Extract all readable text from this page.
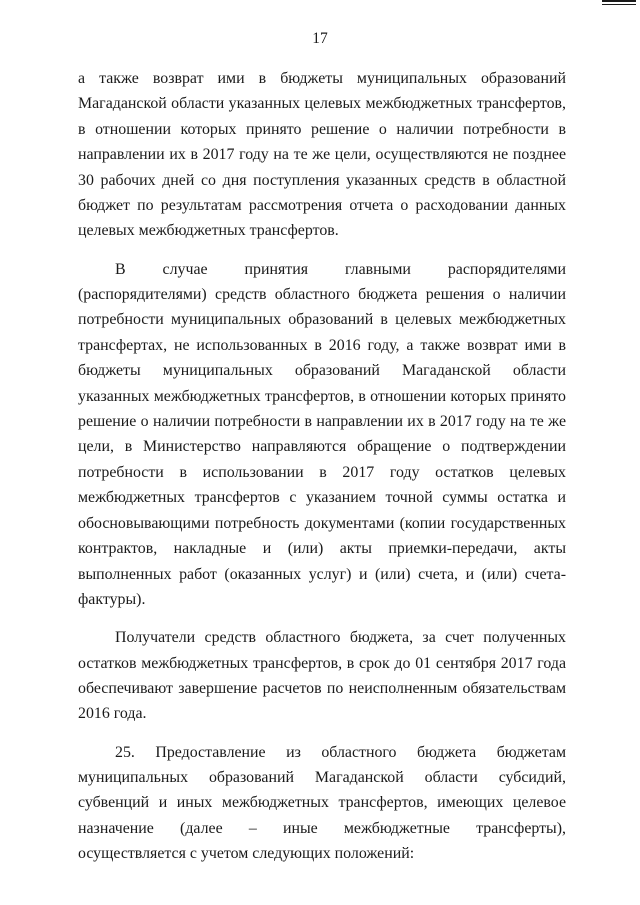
17

а также возврат ими в бюджеты муниципальных образований Магаданской области указанных целевых межбюджетных трансфертов, в отношении которых принято решение о наличии потребности в направлении их в 2017 году на те же цели, осуществляются не позднее 30 рабочих дней со дня поступления указанных средств в областной бюджет по результатам рассмотрения отчета о расходовании данных целевых межбюджетных трансфертов.

В случае принятия главными распорядителями (распорядителями) средств областного бюджета решения о наличии потребности муниципальных образований в целевых межбюджетных трансфертах, не использованных в 2016 году, а также возврат ими в бюджеты муниципальных образований Магаданской области указанных межбюджетных трансфертов, в отношении которых принято решение о наличии потребности в направлении их в 2017 году на те же цели, в Министерство направляются обращение о подтверждении потребности в использовании в 2017 году остатков целевых межбюджетных трансфертов с указанием точной суммы остатка и обосновывающими потребность документами (копии государственных контрактов, накладные и (или) акты приемки-передачи, акты выполненных работ (оказанных услуг) и (или) счета, и (или) счета-фактуры).

Получатели средств областного бюджета, за счет полученных остатков межбюджетных трансфертов, в срок до 01 сентября 2017 года обеспечивают завершение расчетов по неисполненным обязательствам 2016 года.

25. Предоставление из областного бюджета бюджетам муниципальных образований Магаданской области субсидий, субвенций и иных межбюджетных трансфертов, имеющих целевое назначение (далее – иные межбюджетные трансферты), осуществляется с учетом следующих положений:
